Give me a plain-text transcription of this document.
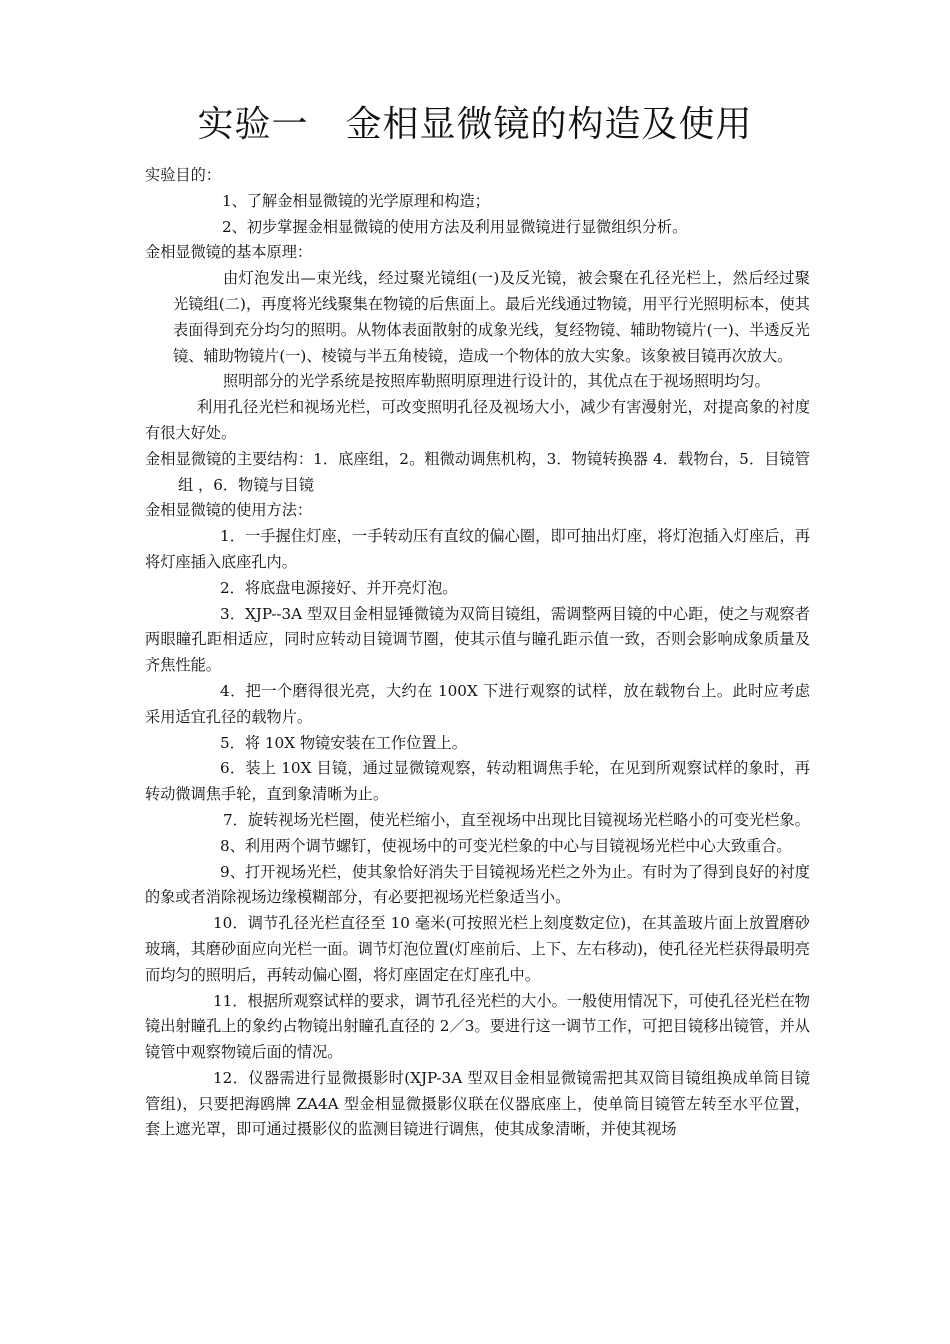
实验一　金相显微镜的构造及使用

实验目的：

1、了解金相显微镜的光学原理和构造；

2、初步掌握金相显微镜的使用方法及利用显微镜进行显微组织分析。

金相显微镜的基本原理：

由灯泡发出—束光线，经过聚光镜组(一)及反光镜，被会聚在孔径光栏上，然后经过聚光镜组(二)，再度将光线聚集在物镜的后焦面上。最后光线通过物镜，用平行光照明标本，使其表面得到充分均匀的照明。从物体表面散射的成象光线，复经物镜、辅助物镜片(一)、半透反光镜、辅助物镜片(一)、棱镜与半五角棱镜，造成一个物体的放大实象。该象被目镜再次放大。

照明部分的光学系统是按照库勒照明原理进行设计的，其优点在于视场照明均匀。

利用孔径光栏和视场光栏，可改变照明孔径及视场大小，减少有害漫射光，对提高象的衬度有很大好处。

金相显微镜的主要结构：1．底座组，2。粗微动调焦机构，3．物镜转换器 4．载物台，5．目镜管组 ，6．物镜与目镜

金相显微镜的使用方法：

1．一手握住灯座，一手转动压有直纹的偏心圈，即可抽出灯座，将灯泡插入灯座后，再将灯座插入底座孔内。

2．将底盘电源接好、并开亮灯泡。

3．XJP--3A 型双目金相显锤微镜为双筒目镜组，需调整两目镜的中心距，使之与观察者两眼瞳孔距相适应，同时应转动目镜调节圈，使其示值与瞳孔距示值一致，否则会影响成象质量及齐焦性能。

4．把一个磨得很光亮，大约在 100X 下进行观察的试样，放在载物台上。此时应考虑采用适宜孔径的载物片。

5．将 10X 物镜安装在工作位置上。

6．装上 10X 目镜，通过显微镜观察，转动粗调焦手轮，在见到所观察试样的象时，再转动微调焦手轮，直到象清晰为止。

7．旋转视场光栏圈，使光栏缩小，直至视场中出现比目镜视场光栏略小的可变光栏象。

8、利用两个调节螺钉，使视场中的可变光栏象的中心与目镜视场光栏中心大致重合。

9、打开视场光栏，使其象恰好消失于目镜视场光栏之外为止。有时为了得到良好的衬度的象或者消除视场边缘模糊部分，有必要把视场光栏象适当小。

10．调节孔径光栏直径至 10 毫米(可按照光栏上刻度数定位)，在其盖玻片面上放置磨砂玻璃，其磨砂面应向光栏一面。调节灯泡位置(灯座前后、上下、左右移动)，使孔径光栏获得最明亮而均匀的照明后，再转动偏心圈，将灯座固定在灯座孔中。

11．根据所观察试样的要求，调节孔径光栏的大小。一般使用情况下，可使孔径光栏在物镜出射瞳孔上的象约占物镜出射瞳孔直径的 2／3。要进行这一调节工作，可把目镜移出镜管，并从镜管中观察物镜后面的情况。

12．仪器需进行显微摄影时(XJP-3A 型双目金相显微镜需把其双筒目镜组换成单筒目镜管组)，只要把海鸥牌 ZA4A 型金相显微摄影仪联在仪器底座上，使单筒目镜管左转至水平位置，套上遮光罩，即可通过摄影仪的监测目镜进行调焦，使其成象清晰，并使其视场
